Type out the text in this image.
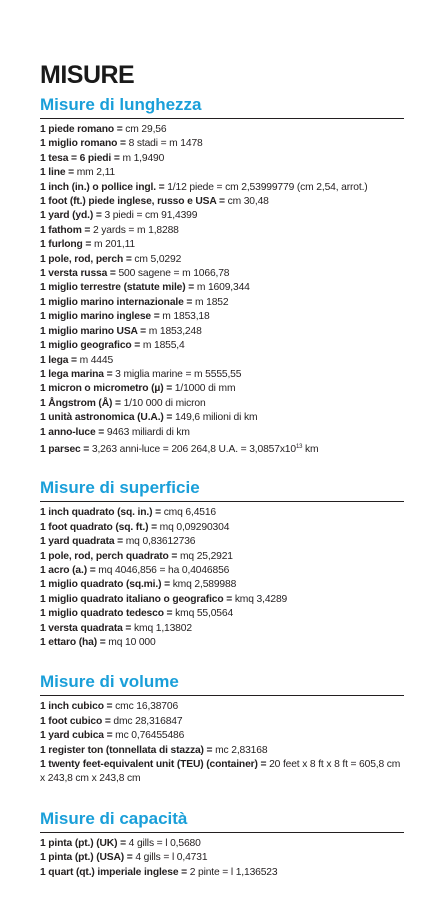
MISURE
Misure di lunghezza
1 piede romano = cm 29,56
1 miglio romano = 8 stadi = m 1478
1 tesa = 6 piedi = m 1,9490
1 line = mm 2,11
1 inch (in.) o pollice ingl. = 1/12 piede = cm 2,53999779 (cm 2,54, arrot.)
1 foot (ft.) piede inglese, russo e USA = cm 30,48
1 yard (yd.) = 3 piedi = cm 91,4399
1 fathom = 2 yards = m 1,8288
1 furlong = m 201,11
1 pole, rod, perch = cm 5,0292
1 versta russa = 500 sagene = m 1066,78
1 miglio terrestre (statute mile) = m 1609,344
1 miglio marino internazionale = m 1852
1 miglio marino inglese = m 1853,18
1 miglio marino USA = m 1853,248
1 miglio geografico = m 1855,4
1 lega = m 4445
1 lega marina = 3 miglia marine = m 5555,55
1 micron o micrometro (µ) = 1/1000 di mm
1 Ångstrom (Å) = 1/10 000 di micron
1 unità astronomica (U.A.) = 149,6 milioni di km
1 anno-luce = 9463 miliardi di km
1 parsec = 3,263 anni-luce = 206 264,8 U.A. = $3,0857x10^{13}$ km
Misure di superficie
1 inch quadrato (sq. in.) = cmq 6,4516
1 foot quadrato (sq. ft.) = mq 0,09290304
1 yard quadrata = mq 0,83612736
1 pole, rod, perch quadrato = mq 25,2921
1 acro (a.) = mq 4046,856 = ha 0,4046856
1 miglio quadrato (sq.mi.) = kmq 2,589988
1 miglio quadrato italiano o geografico = kmq 3,4289
1 miglio quadrato tedesco = kmq 55,0564
1 versta quadrata = kmq 1,13802
1 ettaro (ha) = mq 10 000
Misure di volume
1 inch cubico = cmc 16,38706
1 foot cubico = dmc 28,316847
1 yard cubica = mc 0,76455486
1 register ton (tonnellata di stazza) = mc 2,83168
1 twenty feet-equivalent unit (TEU) (container) = 20 feet x 8 ft x 8 ft = 605,8 cm x 243,8 cm x 243,8 cm
Misure di capacità
1 pinta (pt.) (UK) = 4 gills = l 0,5680
1 pinta (pt.) (USA) = 4 gills = l 0,4731
1 quart (qt.) imperiale inglese = 2 pinte = l 1,136523
